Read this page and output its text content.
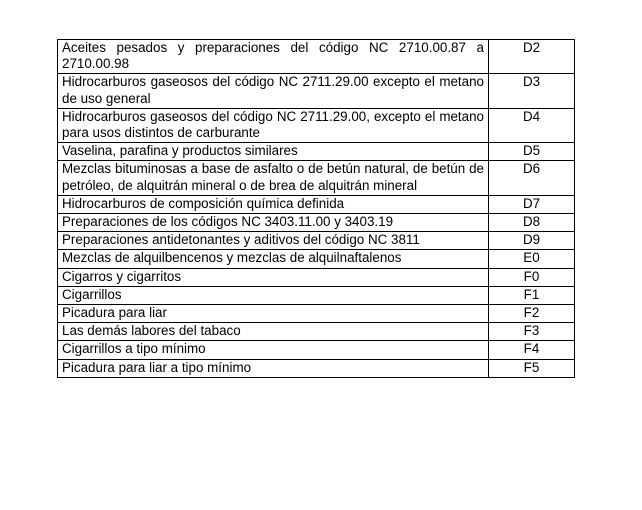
Aceites pesados y preparaciones del código NC 2710.00.87 a 2710.00.98	D2
Hidrocarburos gaseosos del código NC 2711.29.00 excepto el metano de uso general	D3
Hidrocarburos gaseosos del código NC 2711.29.00, excepto el metano para usos distintos de carburante	D4
Vaselina, parafina y productos similares	D5
Mezclas bituminosas a base de asfalto o de betún natural, de betún de petróleo, de alquitrán mineral o de brea de alquitrán mineral	D6
Hidrocarburos de composición química definida	D7
Preparaciones de los códigos NC 3403.11.00 y 3403.19	D8
Preparaciones antidetonantes y aditivos del código NC 3811	D9
Mezclas de alquilbencenos y mezclas de alquilnaftalenos	E0
Cigarros y cigarritos	F0
Cigarrillos	F1
Picadura para liar	F2
Las demás labores del tabaco	F3
Cigarrillos a tipo mínimo	F4
Picadura para liar a tipo mínimo	F5
